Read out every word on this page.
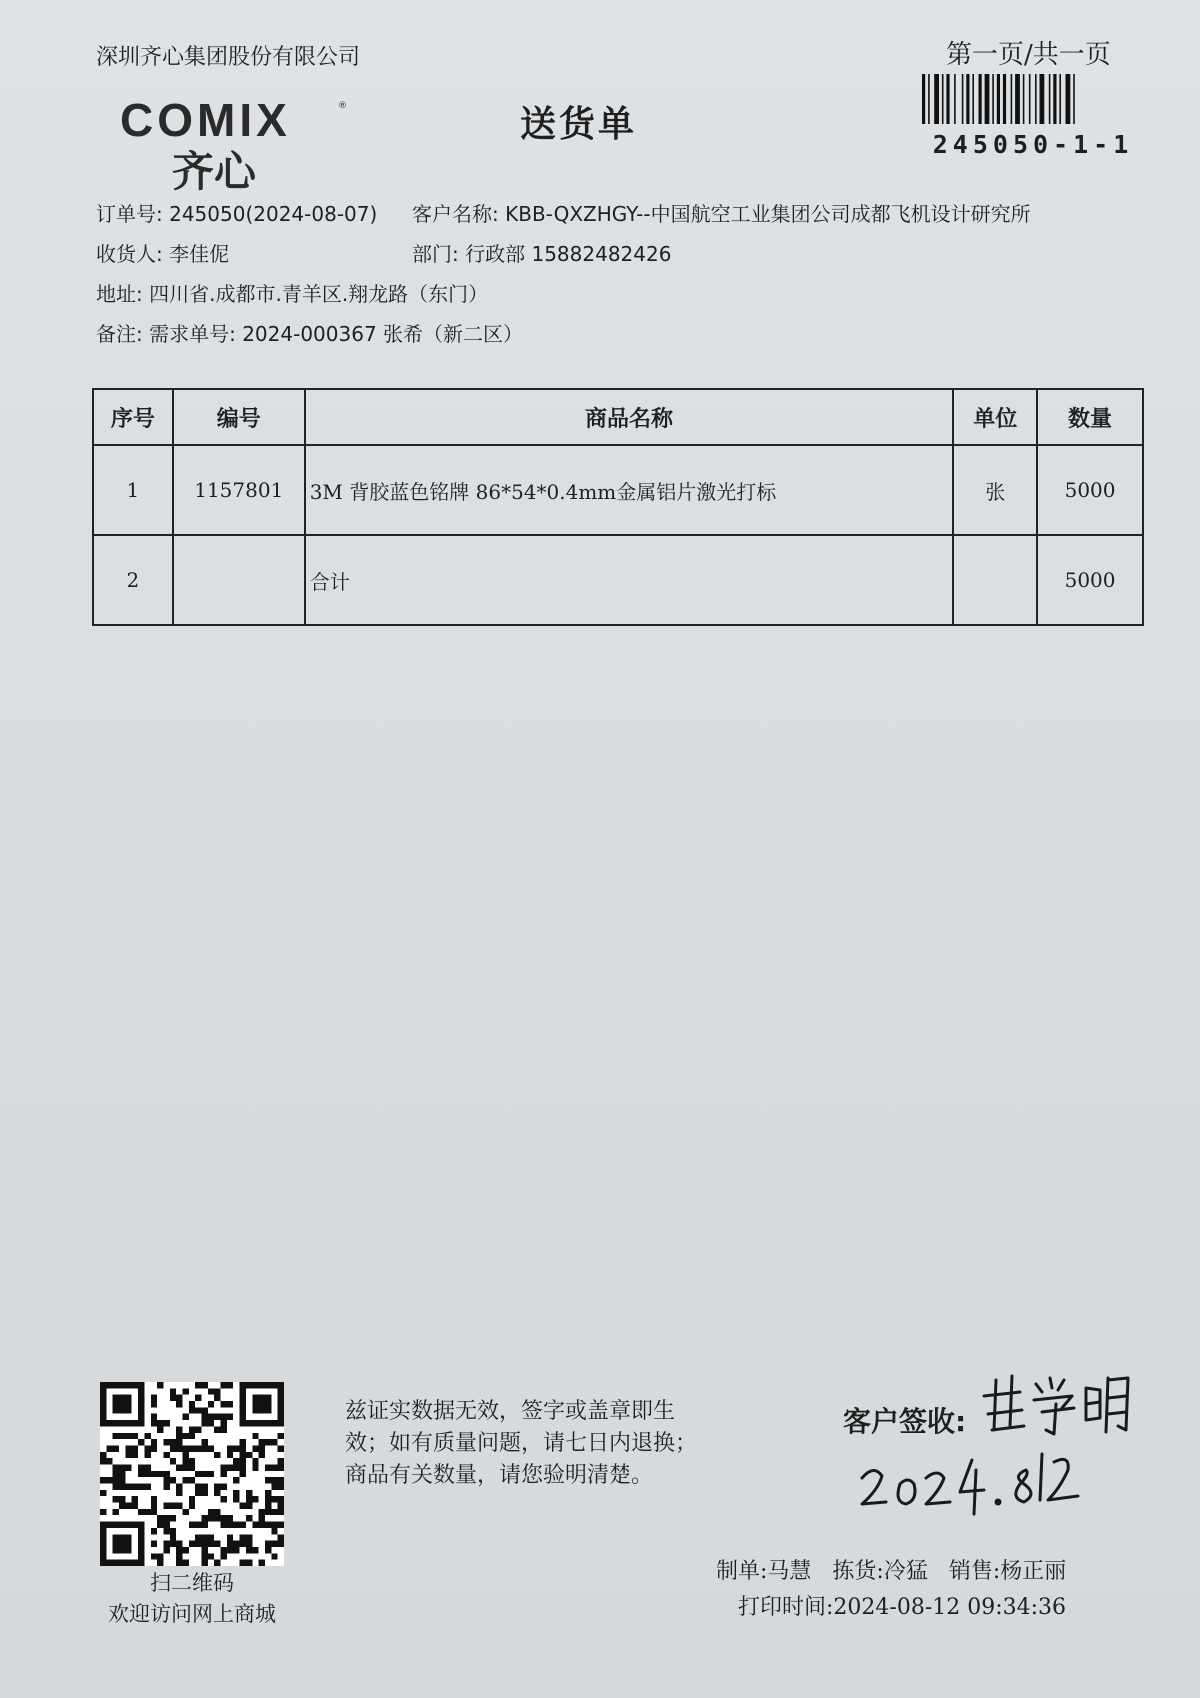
深圳齐心集团股份有限公司	第一页/共一页
245050-1-1
COMIX	®
齐心
送货单
订单号: 245050(2024-08-07) 客户名称: KBB-QXZHGY--中国航空工业集团公司成都飞机设计研究所
收货人: 李佳伲	部门: 行政部 15882482426
地址: 四川省.成都市.青羊区.翔龙路（东门）
备注: 需求单号: 2024-000367 张希（新二区）
序号	编号	商品名称	单位	数量
1	1157801	3M 背胶蓝色铭牌 86*54*0.4mm金属铝片激光打标	张	5000
2		合计		5000
扫二维码
欢迎访问网上商城
兹证实数据无效，签字或盖章即生
效；如有质量问题，请七日内退换；
商品有关数量，请您验明清楚。
客户签收:
制单:马慧 拣货:冷猛 销售:杨正丽
打印时间:2024-08-12 09:34:36
